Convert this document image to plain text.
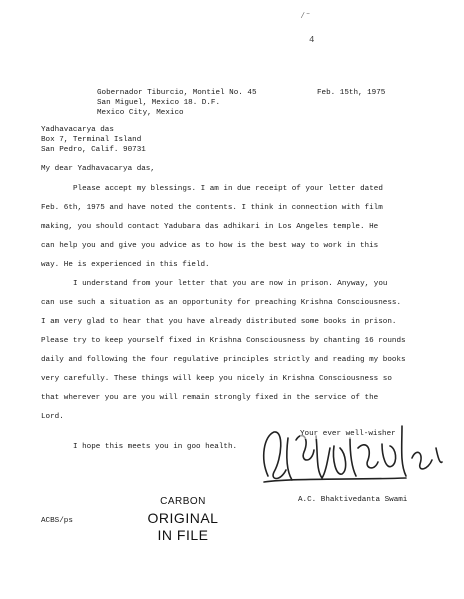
∕⁻
4
Gobernador Tiburcio, Montiel No. 45
San Miguel, Mexico 18. D.F.
Mexico City, Mexico
Feb. 15th, 1975
Yadhavacarya das
Box 7, Terminal Island
San Pedro, Calif. 90731
My dear Yadhavacarya das,
Please accept my blessings. I am in due receipt of your letter dated
Feb. 6th, 1975 and have noted the contents. I think in connection with film
making, you should contact Yadubara das adhikari in Los Angeles temple. He
can help you and give you advice as to how is the best way to work in this
way. He is experienced in this field.
I understand from your letter that you are now in prison. Anyway, you
can use such a situation as an opportunity for preaching Krishna Consciousness.
I am very glad to hear that you have already distributed some books in prison.
Please try to keep yourself fixed in Krishna Consciousness by chanting 16 rounds
daily and following the four regulative principles strictly and reading my books
very carefully. These things will keep you nicely in Krishna Consciousness so
that wherever you are you will remain strongly fixed in the service of the
Lord.
I hope this meets you in goo health.
Your ever well-wisher
A.C. Bhaktivedanta Swami
ACBS/ps
CARBON
ORIGINAL
IN FILE
